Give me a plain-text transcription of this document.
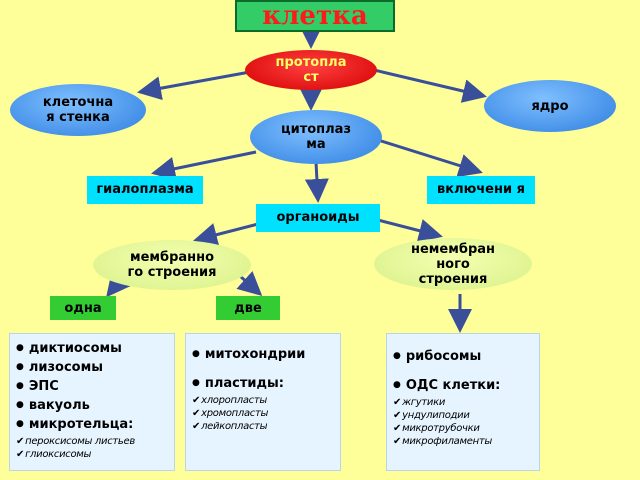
клетка
протопла ст
клеточна я стенка
ядро
цитоплаз ма
гиалоплазма	включени я
органоиды
мембранно го строения
немембран ного строения
одна	две
● диктиосомы
● лизосомы
● ЭПС
● вакуоль
● микротельца:
✔ пероксисомы листьев
✔ глиоксисомы
● митохондрии
● пластиды:
✔ хлоропласты
✔ хромопласты
✔ лейкопласты
● рибосомы
● ОДС клетки:
✔ жгутики
✔ ундулиподии
✔ микротрубочки
✔ микрофиламенты
